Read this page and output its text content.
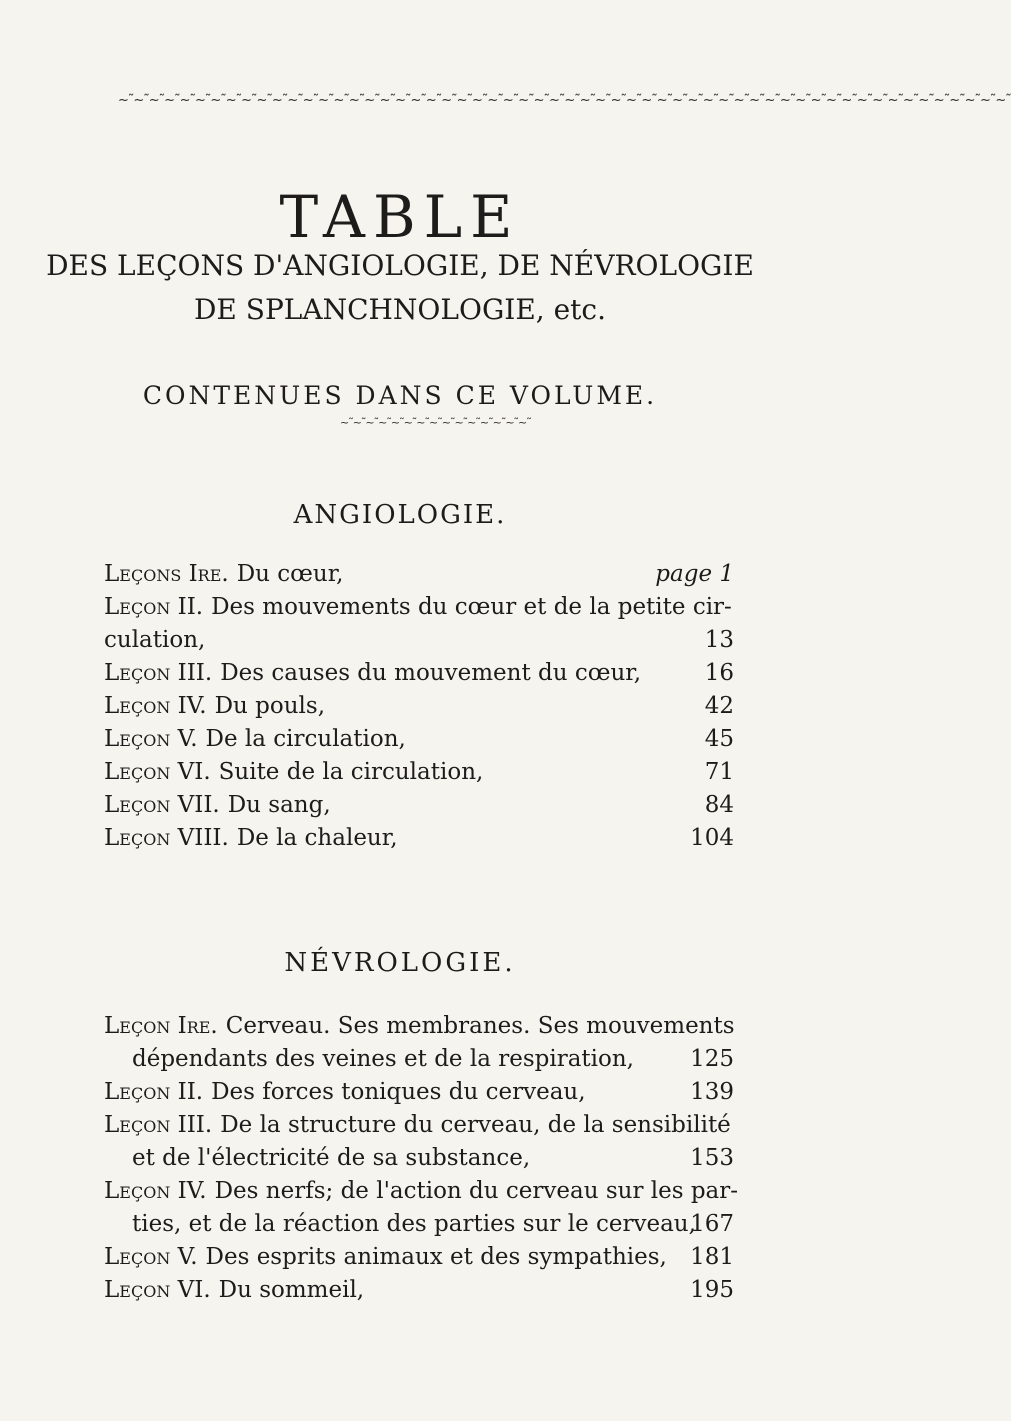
~˜~˜~˜~˜~˜~˜~˜~˜~˜~˜~˜~˜~˜~˜~˜~˜~˜~˜~˜~˜~˜~˜~˜~˜~˜~˜~˜~˜~˜~˜~˜~˜~˜~˜~˜~˜~˜~˜~˜~˜~˜~˜~˜~˜~˜~˜~˜~˜~˜~˜~˜~˜~˜~˜~˜~˜~˜~˜
TABLE
DES LEÇONS D'ANGIOLOGIE, DE NÉVROLOGIE
DE SPLANCHNOLOGIE, etc.
CONTENUES DANS CE VOLUME.
~˜~˜~˜~˜~˜~˜~˜~˜~˜~˜~˜~˜~˜~˜~˜
ANGIOLOGIE.
Leçons Ire. Du cœur,	page 1
Leçon II. Des mouvements du cœur et de la petite cir-
culation,	13
Leçon III. Des causes du mouvement du cœur,	16
Leçon IV. Du pouls,	42
Leçon V. De la circulation,	45
Leçon VI. Suite de la circulation,	71
Leçon VII. Du sang,	84
Leçon VIII. De la chaleur,	104
NÉVROLOGIE.
Leçon Ire. Cerveau. Ses membranes. Ses mouvements
dépendants des veines et de la respiration, 125
Leçon II. Des forces toniques du cerveau,	139
Leçon III. De la structure du cerveau, de la sensibilité
et de l'électricité de sa substance,	153
Leçon IV. Des nerfs; de l'action du cerveau sur les par-
ties, et de la réaction des parties sur le cerveau,
167
Leçon V. Des esprits animaux et des sympathies, 181
Leçon VI. Du sommeil,	195
